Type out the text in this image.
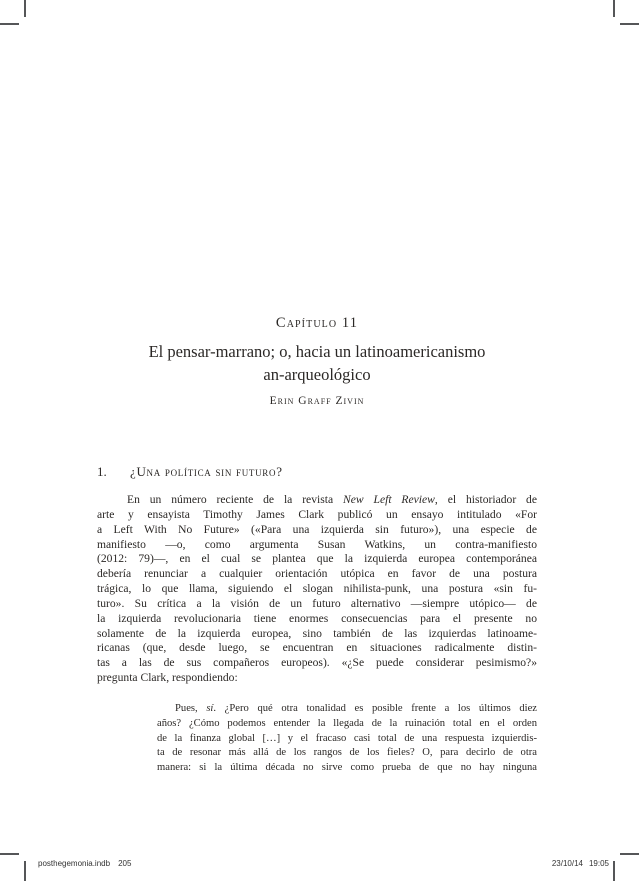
Capítulo 11
El pensar-marrano; o, hacia un latinoamericanismo
an-arqueológico
Erin Graff Zivin
1. ¿Una política sin futuro?
En un número reciente de la revista New Left Review, el historiador de
arte y ensayista Timothy James Clark publicó un ensayo intitulado «For
a Left With No Future» («Para una izquierda sin futuro»), una especie de
manifiesto —o, como argumenta Susan Watkins, un contra-manifiesto
(2012: 79)—, en el cual se plantea que la izquierda europea contemporánea
debería renunciar a cualquier orientación utópica en favor de una postura
trágica, lo que llama, siguiendo el slogan nihilista-punk, una postura «sin fu-
turo». Su crítica a la visión de un futuro alternativo —siempre utópico— de
la izquierda revolucionaria tiene enormes consecuencias para el presente no
solamente de la izquierda europea, sino también de las izquierdas latinoame-
ricanas (que, desde luego, se encuentran en situaciones radicalmente distin-
tas a las de sus compañeros europeos). «¿Se puede considerar pesimismo?»
pregunta Clark, respondiendo:
Pues, sí. ¿Pero qué otra tonalidad es posible frente a los últimos diez
años? ¿Cómo podemos entender la llegada de la ruinación total en el orden
de la finanza global […] y el fracaso casi total de una respuesta izquierdis-
ta de resonar más allá de los rangos de los fieles? O, para decirlo de otra
manera: si la última década no sirve como prueba de que no hay ninguna
posthegemonia.indb 205	23/10/14 19:05
